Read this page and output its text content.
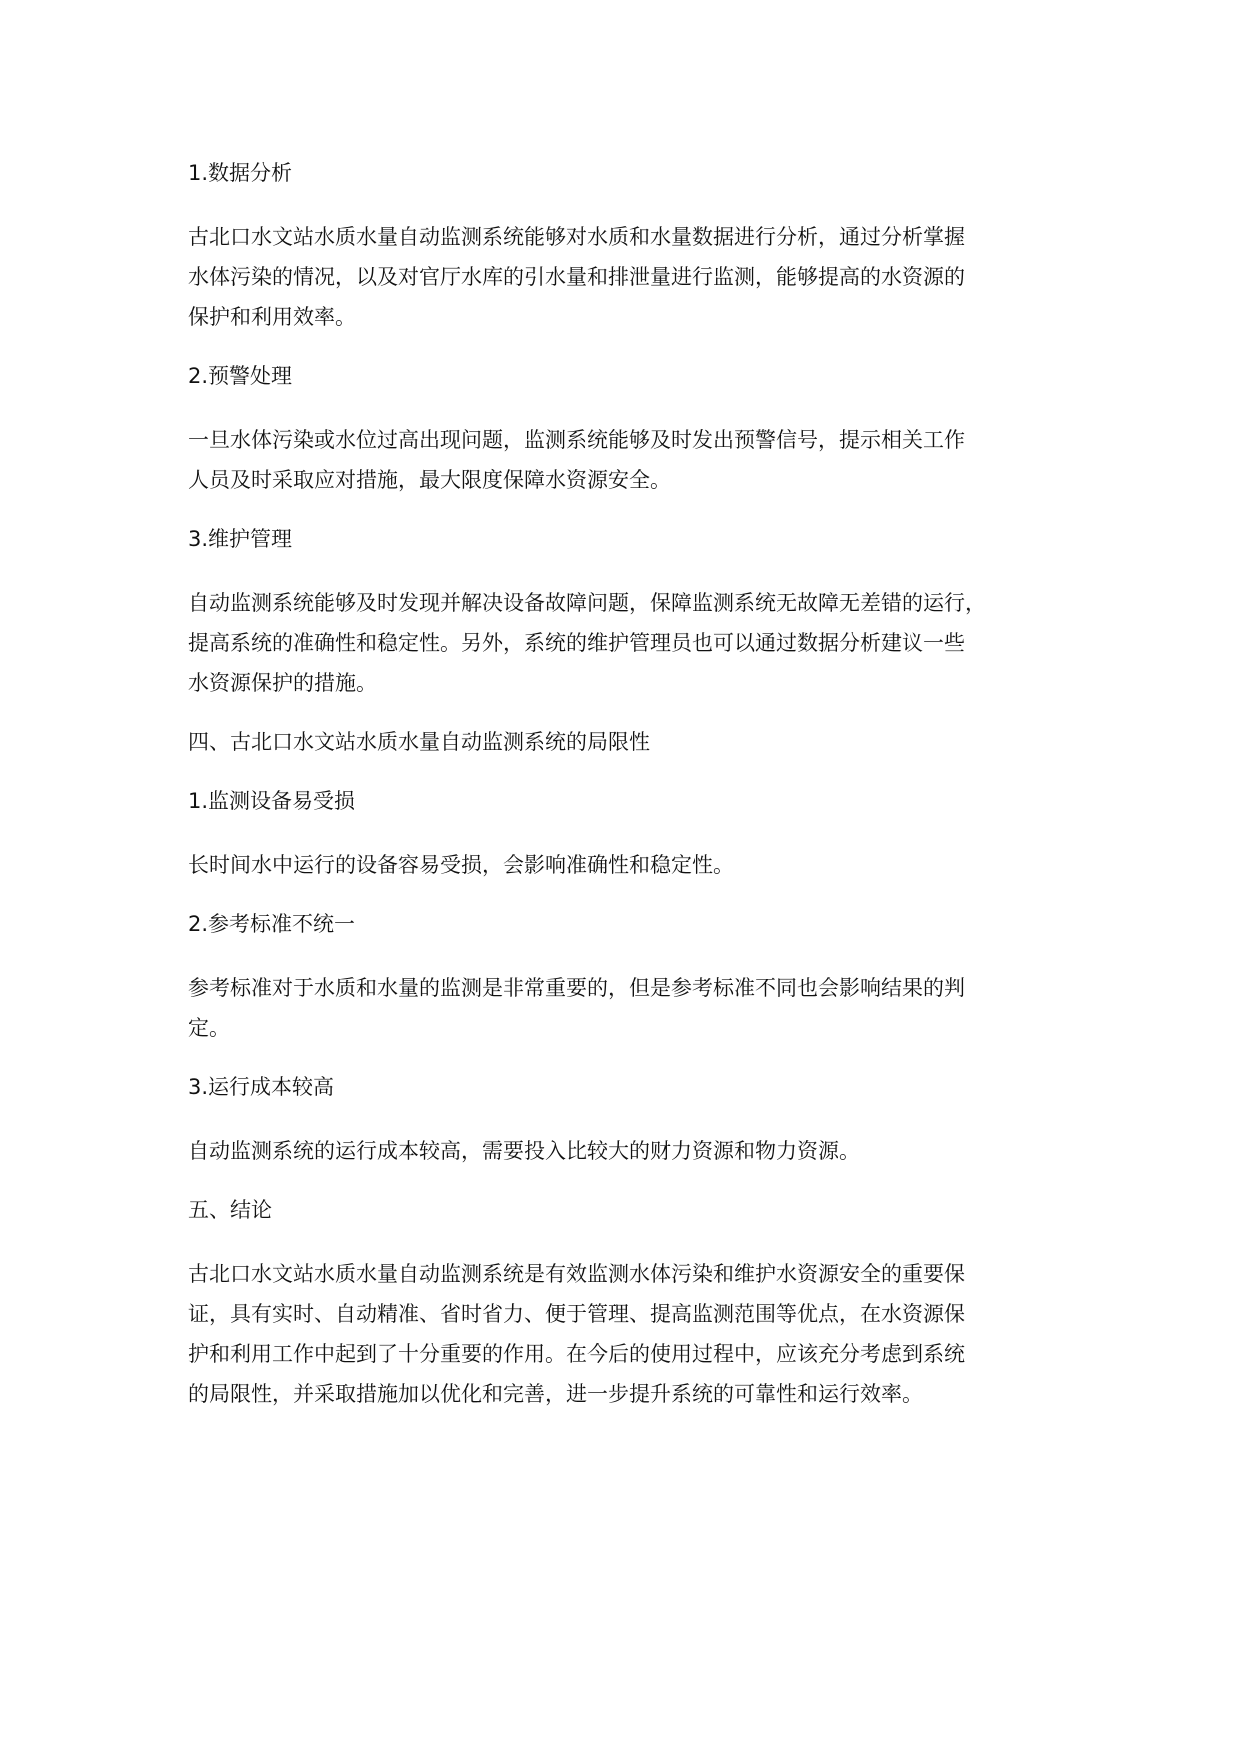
1.数据分析
古北口水文站水质水量自动监测系统能够对水质和水量数据进行分析，通过分析掌握
水体污染的情况，以及对官厅水库的引水量和排泄量进行监测，能够提高的水资源的
保护和利用效率。
2.预警处理
一旦水体污染或水位过高出现问题，监测系统能够及时发出预警信号，提示相关工作
人员及时采取应对措施，最大限度保障水资源安全。
3.维护管理
自动监测系统能够及时发现并解决设备故障问题，保障监测系统无故障无差错的运行，
提高系统的准确性和稳定性。另外，系统的维护管理员也可以通过数据分析建议一些
水资源保护的措施。
四、古北口水文站水质水量自动监测系统的局限性
1.监测设备易受损
长时间水中运行的设备容易受损，会影响准确性和稳定性。
2.参考标准不统一
参考标准对于水质和水量的监测是非常重要的，但是参考标准不同也会影响结果的判
定。
3.运行成本较高
自动监测系统的运行成本较高，需要投入比较大的财力资源和物力资源。
五、结论
古北口水文站水质水量自动监测系统是有效监测水体污染和维护水资源安全的重要保
证，具有实时、自动精准、省时省力、便于管理、提高监测范围等优点，在水资源保
护和利用工作中起到了十分重要的作用。在今后的使用过程中，应该充分考虑到系统
的局限性，并采取措施加以优化和完善，进一步提升系统的可靠性和运行效率。
